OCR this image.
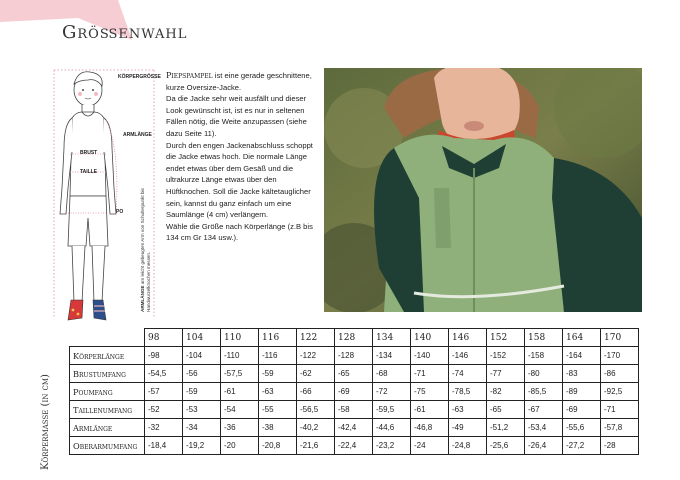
Größenwahl
KÖRPERGRÖSSE
ARMLÄNGE
BRUST
TAILLE
PO
ARMLÄNGE am leicht gebeugten Arm von Schulterpunkt bis Handwurzelknochen messen.
Piepspampel ist eine gerade geschnittene, kurze Oversize-Jacke.
Da die Jacke sehr weit ausfällt und dieser Look gewünscht ist, ist es nur in seltenen Fällen nötig, die Weite anzupassen (siehe dazu Seite 11).
Durch den engen Jackenabschluss schoppt die Jacke etwas hoch. Die normale Länge endet etwas über dem Gesäß und die ultrakurze Länge etwas über den Hüftknochen. Soll die Jacke kältetauglicher sein, kannst du ganz einfach um eine Saumlänge (4 cm) verlängern.
Wähle die Größe nach Körperlänge (z.B bis 134 cm Gr 134 usw.).
	98	104	110	116	122	128	134	140	146	152	158	164	170
Körperlänge	-98	-104	-110	-116	-122	-128	-134	-140	-146	-152	-158	-164	-170
Brustumfang	-54,5	-56	-57,5	-59	-62	-65	-68	-71	-74	-77	-80	-83	-86
Poumfang	-57	-59	-61	-63	-66	-69	-72	-75	-78,5	-82	-85,5	-89	-92,5
Taillenumfang	-52	-53	-54	-55	-56,5	-58	-59,5	-61	-63	-65	-67	-69	-71
Armlänge	-32	-34	-36	-38	-40,2	-42,4	-44,6	-46,8	-49	-51,2	-53,4	-55,6	-57,8
Oberarmumfang	-18,4	-19,2	-20	-20,8	-21,6	-22,4	-23,2	-24	-24,8	-25,6	-26,4	-27,2	-28
Körpermaße (in cm)
